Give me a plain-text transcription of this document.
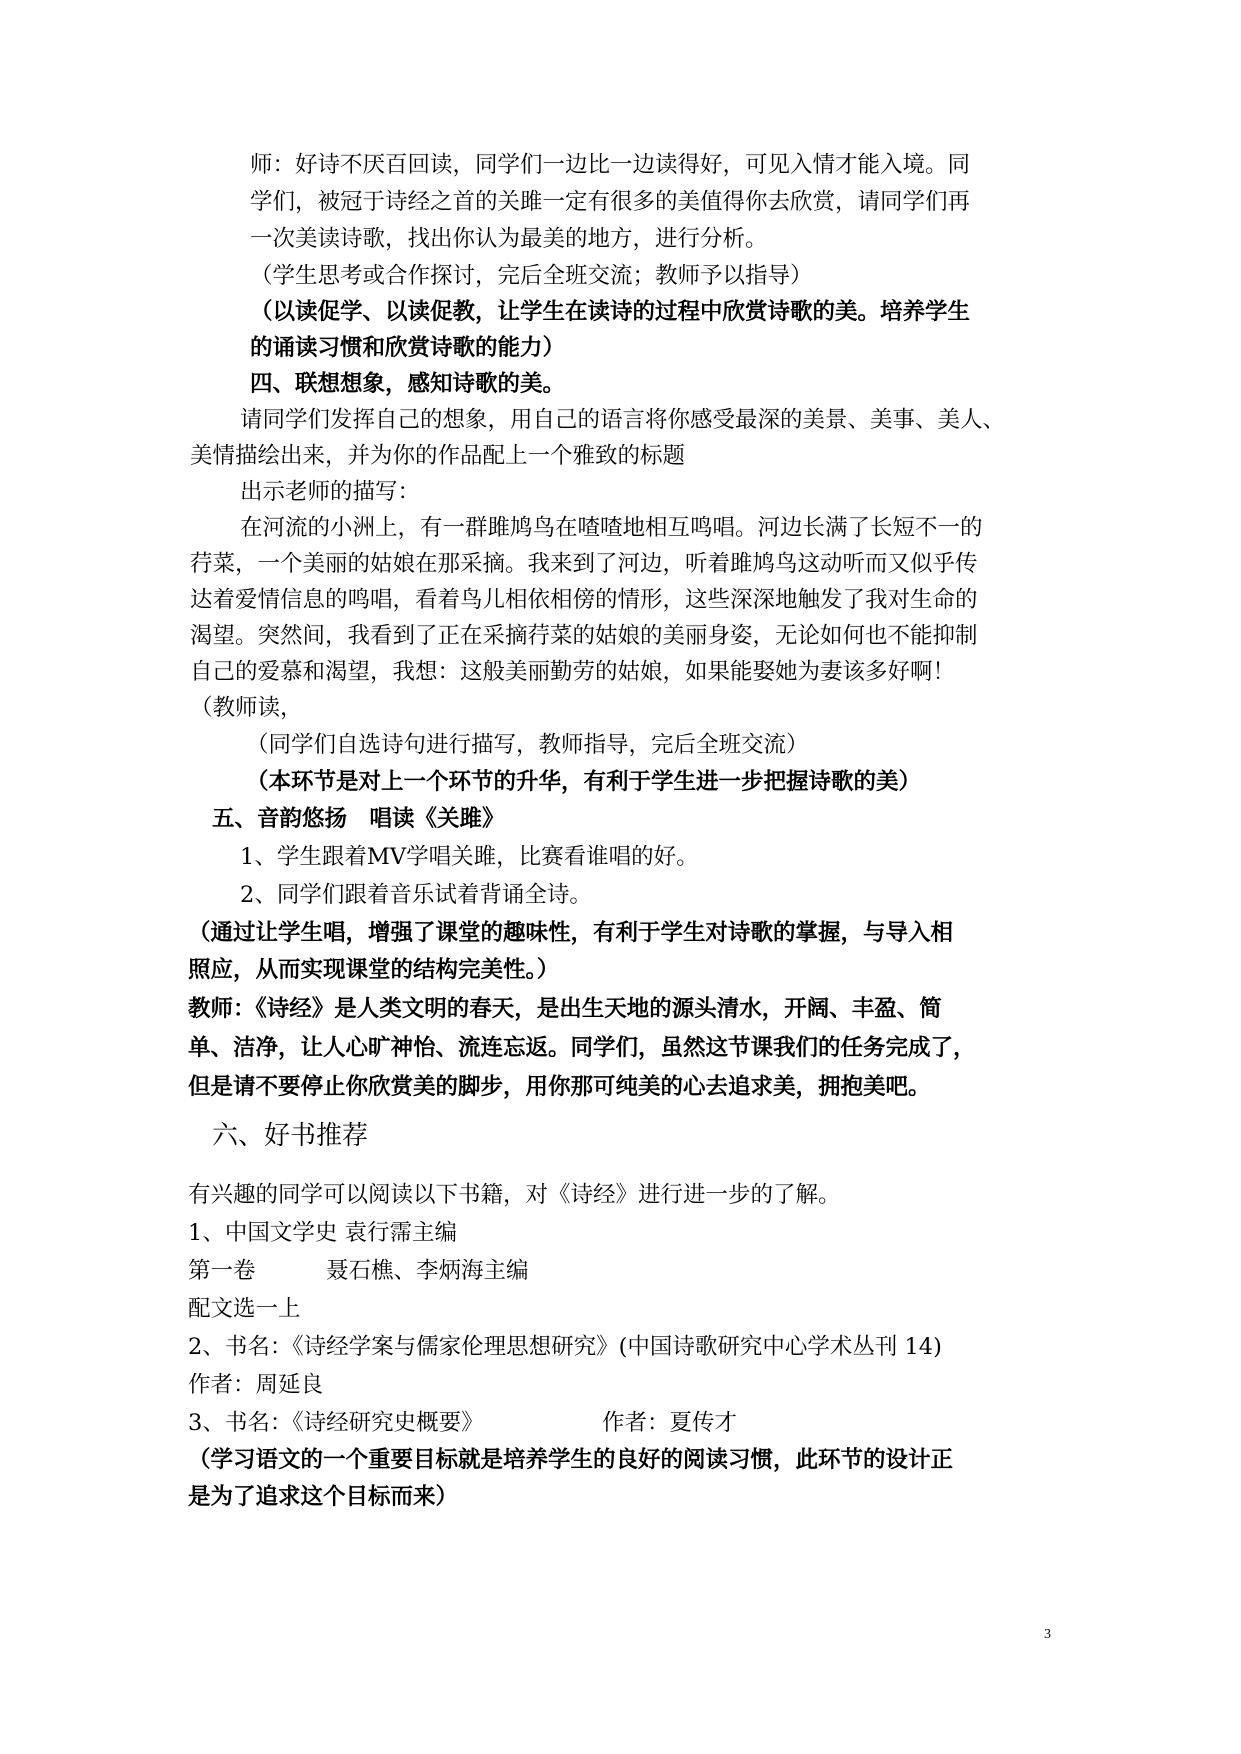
师：好诗不厌百回读，同学们一边比一边读得好，可见入情才能入境。同
学们，被冠于诗经之首的关雎一定有很多的美值得你去欣赏，请同学们再
一次美读诗歌，找出你认为最美的地方，进行分析。
（学生思考或合作探讨，完后全班交流；教师予以指导）
（以读促学、以读促教，让学生在读诗的过程中欣赏诗歌的美。培养学生
的诵读习惯和欣赏诗歌的能力）
四、联想想象，感知诗歌的美。
请同学们发挥自己的想象，用自己的语言将你感受最深的美景、美事、美人、
美情描绘出来，并为你的作品配上一个雅致的标题
出示老师的描写：
在河流的小洲上，有一群雎鸠鸟在喳喳地相互鸣唱。河边长满了长短不一的
荇菜，一个美丽的姑娘在那采摘。我来到了河边，听着雎鸠鸟这动听而又似乎传
达着爱情信息的鸣唱，看着鸟儿相依相傍的情形，这些深深地触发了我对生命的
渴望。突然间，我看到了正在采摘荇菜的姑娘的美丽身姿，无论如何也不能抑制
自己的爱慕和渴望，我想：这般美丽勤劳的姑娘，如果能娶她为妻该多好啊！
（教师读，
（同学们自选诗句进行描写，教师指导，完后全班交流）
（本环节是对上一个环节的升华，有利于学生进一步把握诗歌的美）
五、音韵悠扬　唱读《关雎》
1、学生跟着MV学唱关雎，比赛看谁唱的好。
2、同学们跟着音乐试着背诵全诗。
（通过让学生唱，增强了课堂的趣味性，有利于学生对诗歌的掌握，与导入相
照应，从而实现课堂的结构完美性。）
教师：《诗经》是人类文明的春天，是出生天地的源头清水，开阔、丰盈、简
单、洁净，让人心旷神怡、流连忘返。同学们，虽然这节课我们的任务完成了，
但是请不要停止你欣赏美的脚步，用你那可纯美的心去追求美，拥抱美吧。
六、好书推荐
有兴趣的同学可以阅读以下书籍，对《诗经》进行进一步的了解。
1、中国文学史 袁行霈主编
第一卷	聂石樵、李炳海主编
配文选一上
2、书名：《诗经学案与儒家伦理思想研究》(中国诗歌研究中心学术丛刊 14)
作者：周延良
3、书名：《诗经研究史概要》	作者：夏传才
（学习语文的一个重要目标就是培养学生的良好的阅读习惯，此环节的设计正
是为了追求这个目标而来）
3
